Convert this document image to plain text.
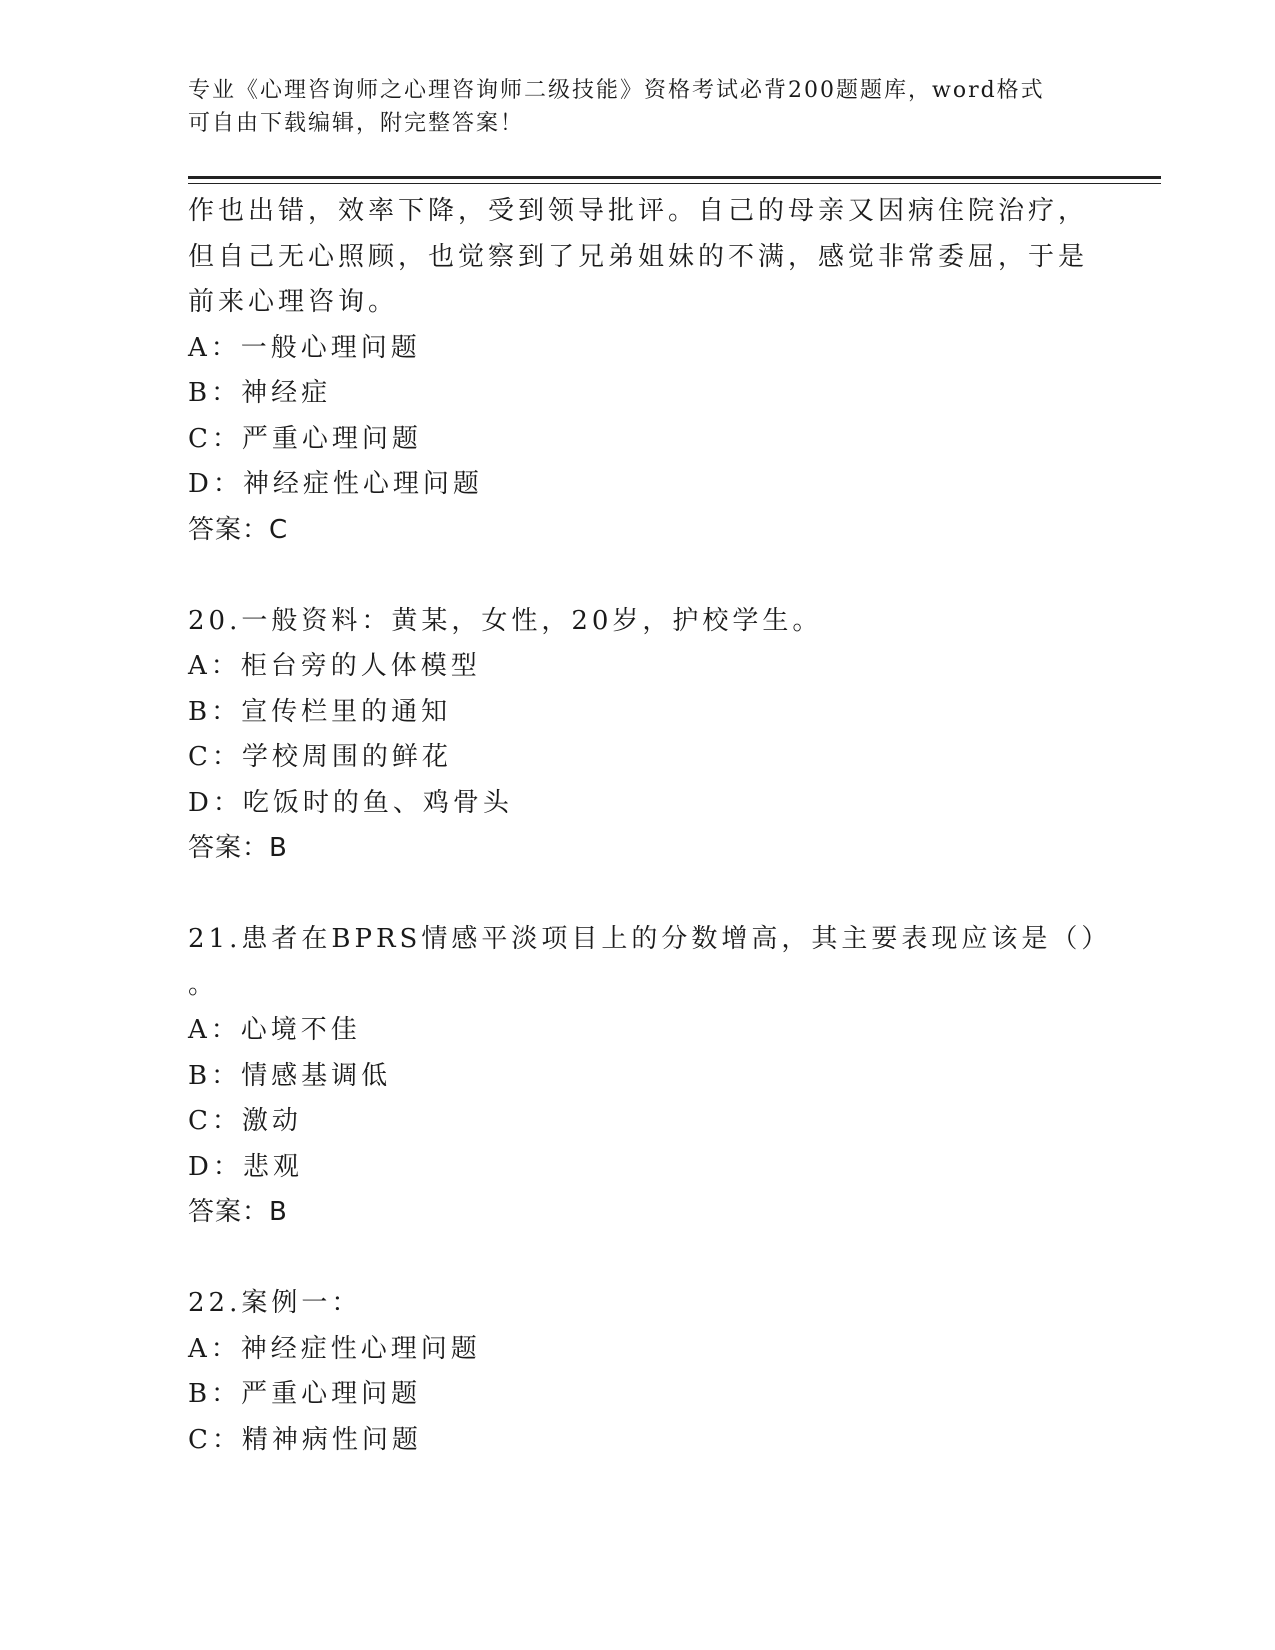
专业《心理咨询师之心理咨询师二级技能》资格考试必背200题题库，word格式
可自由下载编辑，附完整答案！
作也出错，效率下降，受到领导批评。自己的母亲又因病住院治疗，
但自己无心照顾，也觉察到了兄弟姐妹的不满，感觉非常委屈，于是
前来心理咨询。
A：一般心理问题
B：神经症
C：严重心理问题
D：神经症性心理问题
答案：C
20.一般资料：黄某，女性，20岁，护校学生。
A：柜台旁的人体模型
B：宣传栏里的通知
C：学校周围的鲜花
D：吃饭时的鱼、鸡骨头
答案：B
21.患者在BPRS情感平淡项目上的分数增高，其主要表现应该是（）
。
A：心境不佳
B：情感基调低
C：激动
D：悲观
答案：B
22.案例一：
A：神经症性心理问题
B：严重心理问题
C：精神病性问题
